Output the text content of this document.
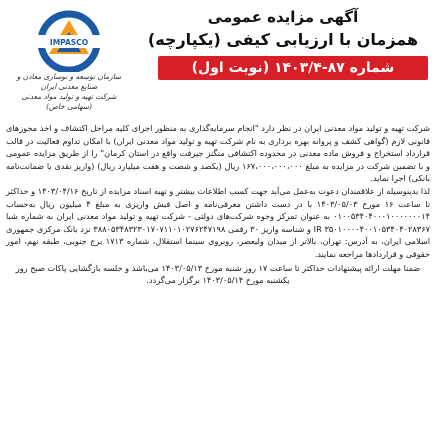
IMPASCO
سازمان توسعه و نوسازی معادن و صنایع معدنی ایران
شرکت تهیه و تولید مواد معدنی
(سهامی خاص)
آگهی مزایده عمومی
همزمان با ارزیابی کیفی (یکپارچه)
شماره ۸۷-۱۴۰۳/۴ (نوبت اول)

شرکت تهیه و تولید مواد معدنی ایران در نظر دارد "انجام سرمایه‌گذاری به منظور اجرای کلیه مراحل اکتشاف و اخذ مجوزهای قانونی لازم (گواهی کشف و پروانه بهره برداری به نام شرکت تهیه و تولید مواد معدنی ایران) با امکان تداوم فعالیت در قالب قرارداد استخراج و فروش ماده معدنی در محدوده اکتشافی منگنز جیرفت واقع در استان کرمان" را از طریق مزایده عمومی و با تضمین شرکت در مزایده به مبلغ ۱۶۷،۰۰۰،۰۰۰،۰۰۰ ریال (یکصد و شصت و هفت میلیارد ریال) (واریز نقدی یا ضمانت‌نامه بانکی) اجرا نماید.

لذا بدینوسیله از علاقمندان دعوت به‌عمل می‌آید جهت کسب اطلاعات بیشتر و تهیه اسناد مزایده از تاریخ ۱۴۰۳/۰۴/۱۶ و حداکثر تا ساعت ۱۶ مورخ ۱۴۰۳/۰۵/۰۳ با در دست داشتن معرفی‌نامه و اصل فیش واریزی به مبلغ ۴ میلیون ریال به‌حساب ۰۱۰۰۵۳۴۰۴۰۰۰۱۰۰۰۰۰۰۰۱۴ به عنوان تمرکز وجوه شرکت‌های دولتی - شرکت تهیه و تولید مواد معدنی ایران به شماره شبا IR ۳۵۰۱۰۰۰۰۴۰۰۱۰۵۳۴۰۴۰۲۸۳۶۷ و شناسه واریز ۳۰ رقمی ۳۸۸۰۵۳۴۸۳۲۳۰۱۷۰۷۱۱۰۱۰۲۷۶۲۴۷۱۹۸ نزد بانک مرکزی جمهوری اسلامی ایران، به آدرس: تهران، بالاتر از میدان ولیعصر، روبروی سینما استقلال، شماره ۱۷۱۳ برج جنوبی، طبقه نهم، امور حقوقی و قراردادها مراجعه نمایند.

ضمنا مهلت ارائه پیشنهادات حداکثر تا ساعت ۱۷ روز شنبه مورخ ۱۴۰۳/۰۵/۱۳ می‌باشد و جلسه بازگشایی پاکات صبح روز یکشنبه مورخ ۱۴۰۳/۰۵/۱۴ برگزار می‌گردد.
